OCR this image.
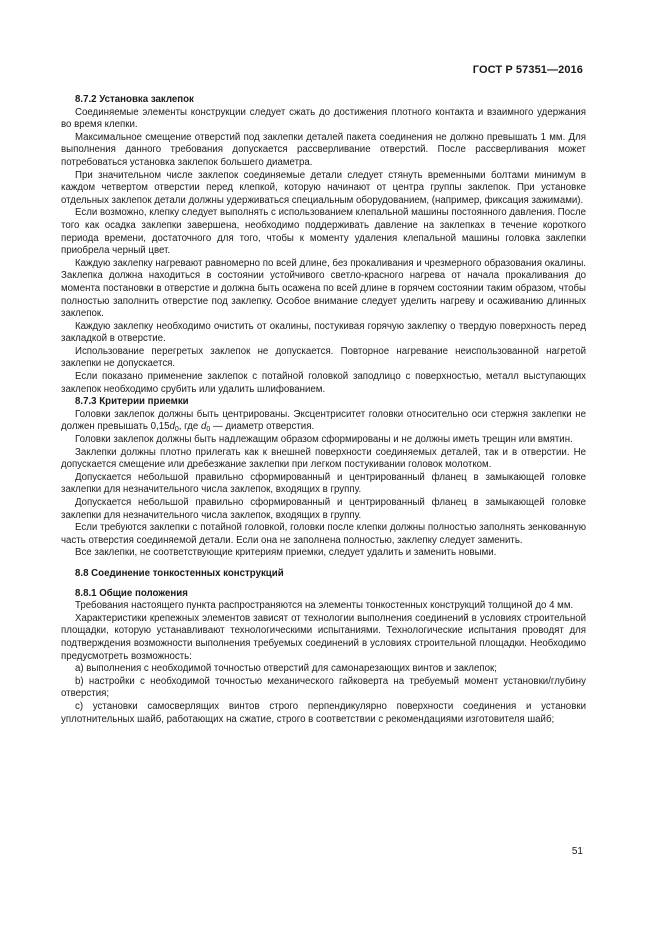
ГОСТ Р 57351—2016

8.7.2 Установка заклепок

Соединяемые элементы конструкции следует сжать до достижения плотного контакта и взаимного удержания во время клепки.

Максимальное смещение отверстий под заклепки деталей пакета соединения не должно превышать 1 мм. Для выполнения данного требования допускается рассверливание отверстий. После рассверливания может потребоваться установка заклепок большего диаметра.

При значительном числе заклепок соединяемые детали следует стянуть временными болтами минимум в каждом четвертом отверстии перед клепкой, которую начинают от центра группы заклепок. При установке отдельных заклепок детали должны удерживаться специальным оборудованием, (например, фиксация зажимами).

Если возможно, клепку следует выполнять с использованием клепальной машины постоянного давления. После того как осадка заклепки завершена, необходимо поддерживать давление на заклепках в течение короткого периода времени, достаточного для того, чтобы к моменту удаления клепальной машины головка заклепки приобрела черный цвет.

Каждую заклепку нагревают равномерно по всей длине, без прокаливания и чрезмерного образования окалины. Заклепка должна находиться в состоянии устойчивого светло-красного нагрева от начала прокаливания до момента постановки в отверстие и должна быть осажена по всей длине в горячем состоянии таким образом, чтобы полностью заполнить отверстие под заклепку. Особое внимание следует уделить нагреву и осаживанию длинных заклепок.

Каждую заклепку необходимо очистить от окалины, постукивая горячую заклепку о твердую поверхность перед закладкой в отверстие.

Использование перегретых заклепок не допускается. Повторное нагревание неиспользованной нагретой заклепки не допускается.

Если показано применение заклепок с потайной головкой заподлицо с поверхностью, металл выступающих заклепок необходимо срубить или удалить шлифованием.

8.7.3 Критерии приемки

Головки заклепок должны быть центрированы. Эксцентриситет головки относительно оси стержня заклепки не должен превышать $0,15d_0$, где $d_0$ — диаметр отверстия.

Головки заклепок должны быть надлежащим образом сформированы и не должны иметь трещин или вмятин.

Заклепки должны плотно прилегать как к внешней поверхности соединяемых деталей, так и в отверстии. Не допускается смещение или дребезжание заклепки при легком постукивании головок молотком.

Допускается небольшой правильно сформированный и центрированный фланец в замыкающей головке заклепки для незначительного числа заклепок, входящих в группу.

Допускается небольшой правильно сформированный и центрированный фланец в замыкающей головке заклепки для незначительного числа заклепок, входящих в группу.

Если требуются заклепки с потайной головкой, головки после клепки должны полностью заполнять зенкованную часть отверстия соединяемой детали. Если она не заполнена полностью, заклепку следует заменить.

Все заклепки, не соответствующие критериям приемки, следует удалить и заменить новыми.

8.8 Соединение тонкостенных конструкций

8.8.1 Общие положения

Требования настоящего пункта распространяются на элементы тонкостенных конструкций толщиной до 4 мм.

Характеристики крепежных элементов зависят от технологии выполнения соединений в условиях строительной площадки, которую устанавливают технологическими испытаниями. Технологические испытания проводят для подтверждения возможности выполнения требуемых соединений в условиях строительной площадки. Необходимо предусмотреть возможность:

a) выполнения с необходимой точностью отверстий для самонарезающих винтов и заклепок;

b) настройки с необходимой точностью механического гайковерта на требуемый момент установки/глубину отверстия;

c) установки самосверлящих винтов строго перпендикулярно поверхности соединения и установки уплотнительных шайб, работающих на сжатие, строго в соответствии с рекомендациями изготовителя шайб;

51
